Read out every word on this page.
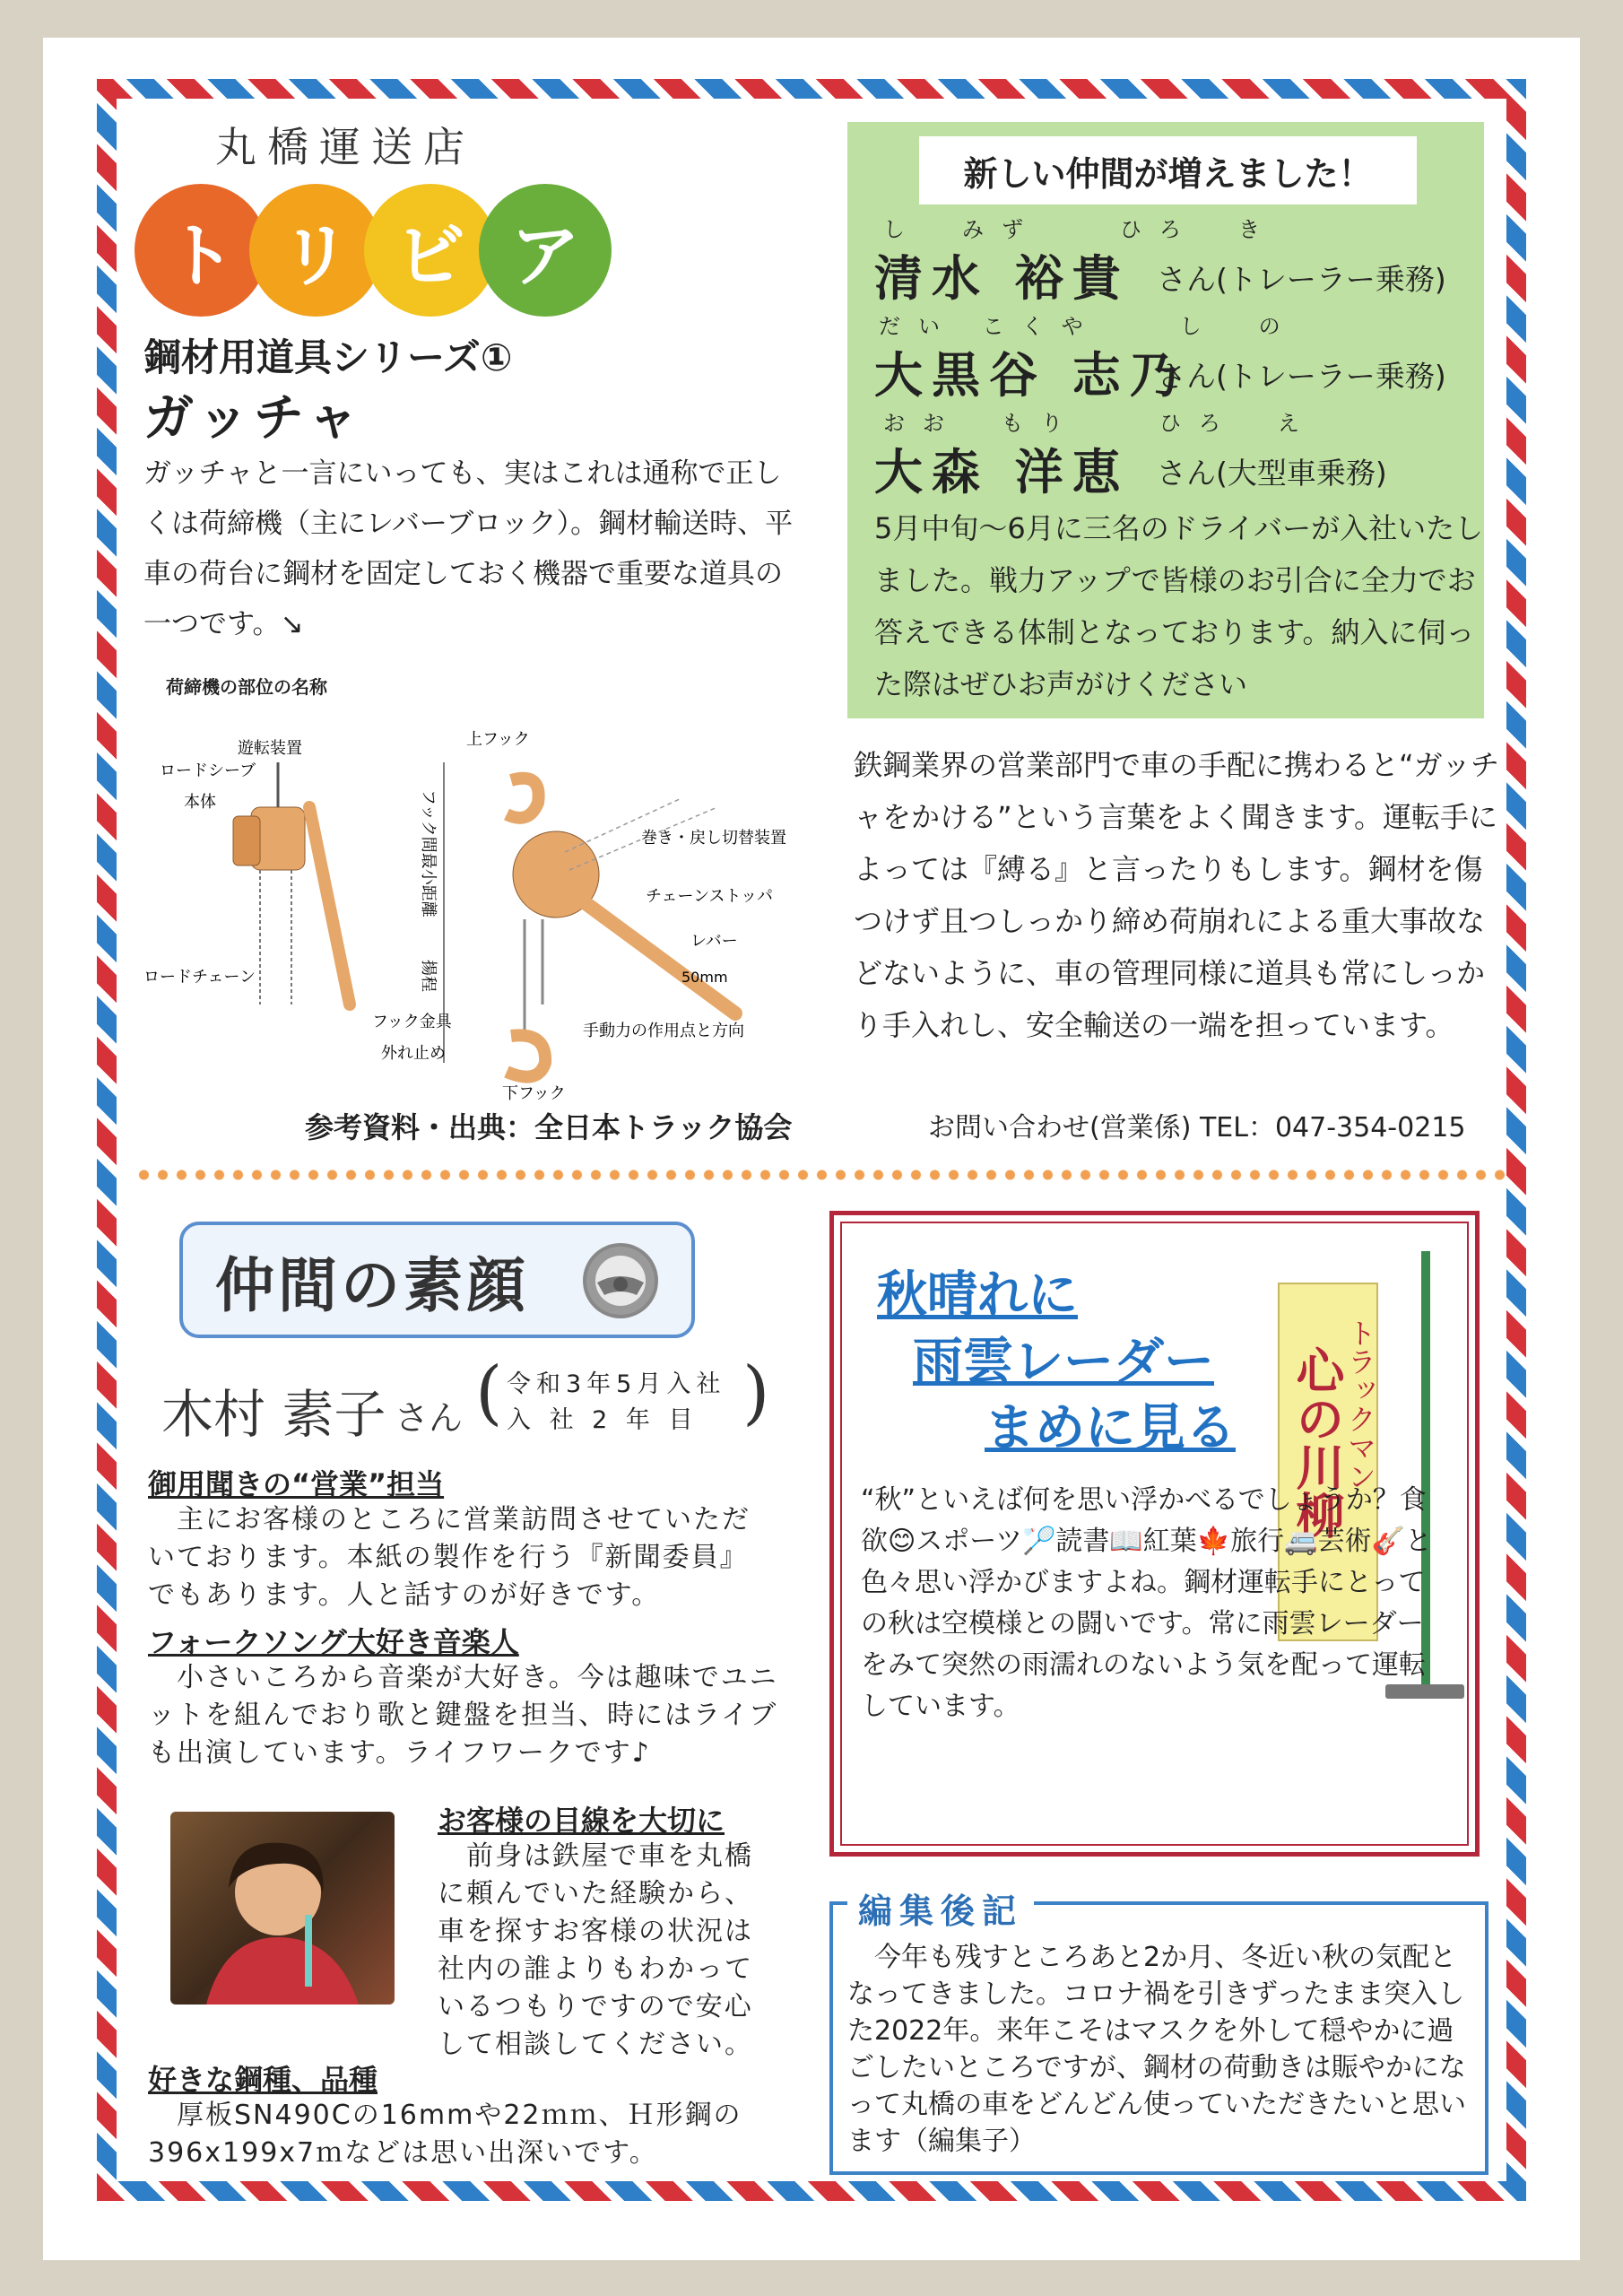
丸橋運送店
ト リ ビ ア
鋼材用道具シリーズ①
ガッチャ
ガッチャと一言にいっても、実はこれは通称で正しくは荷締機（主にレバーブロック）。鋼材輸送時、平車の荷台に鋼材を固定しておく機器で重要な道具の一つです。↘
荷締機の部位の名称
遊転装置
ロードシーブ
本体
ロードチェーン
上フック
フック間最小距離
揚程
巻き・戻し切替装置
チェーンストッパ
レバー
50mm
フック金具
外れ止め
下フック
手動力の作用点と方向
参考資料・出典：全日本トラック協会
新しい仲間が増えました！
し　みず　　ひろ　き
清水 裕貴 さん(トレーラー乗務)
だい こくや　　し　の
大黒谷 志乃
さん(トレーラー乗務)
おお　もり　　ひろ　え
大森 洋恵 さん(大型車乗務)
5月中旬〜6月に三名のドライバーが入社いたしました。戦力アップで皆様のお引合に全力でお答えできる体制となっております。納入に伺った際はぜひお声がけください
鉄鋼業界の営業部門で車の手配に携わると“ガッチャをかける”という言葉をよく聞きます。運転手によっては『縛る』と言ったりもします。鋼材を傷つけず且つしっかり締め荷崩れによる重大事故などないように、車の管理同様に道具も常にしっかり手入れし、安全輸送の一端を担っています。
お問い合わせ(営業係) TEL：047-354-0215
仲間の素顔
木村 素子 さん ( 令和3年5月入社
入 社 2 年 目 )
御用聞きの“営業”担当
　主にお客様のところに営業訪問させていただいております。本紙の製作を行う『新聞委員』でもあります。人と話すのが好きです。
フォークソング大好き音楽人
　小さいころから音楽が大好き。今は趣味でユニットを組んでおり歌と鍵盤を担当、時にはライブも出演しています。ライフワークです♪
お客様の目線を大切に
　前身は鉄屋で車を丸橋に頼んでいた経験から、車を探すお客様の状況は社内の誰よりもわかっているつもりですので安心して相談してください。
好きな鋼種、品種
　厚板SN490Cの16mmや22ｍｍ、Ｈ形鋼の396x199x7ｍなどは思い出深いです。
秋晴れに
雨雲レーダー
まめに見る	トラックマン
心の川柳
“秋”といえば何を思い浮かべるでしょうか？食欲😊スポーツ🏸読書📖紅葉🍁旅行🚐芸術🎸と色々思い浮かびますよね。鋼材運転手にとっての秋は空模様との闘いです。常に雨雲レーダーをみて突然の雨濡れのないよう気を配って運転しています。
編集後記
　今年も残すところあと2か月、冬近い秋の気配となってきました。コロナ禍を引きずったまま突入した2022年。来年こそはマスクを外して穏やかに過ごしたいところですが、鋼材の荷動きは賑やかになって丸橋の車をどんどん使っていただきたいと思います（編集子）
